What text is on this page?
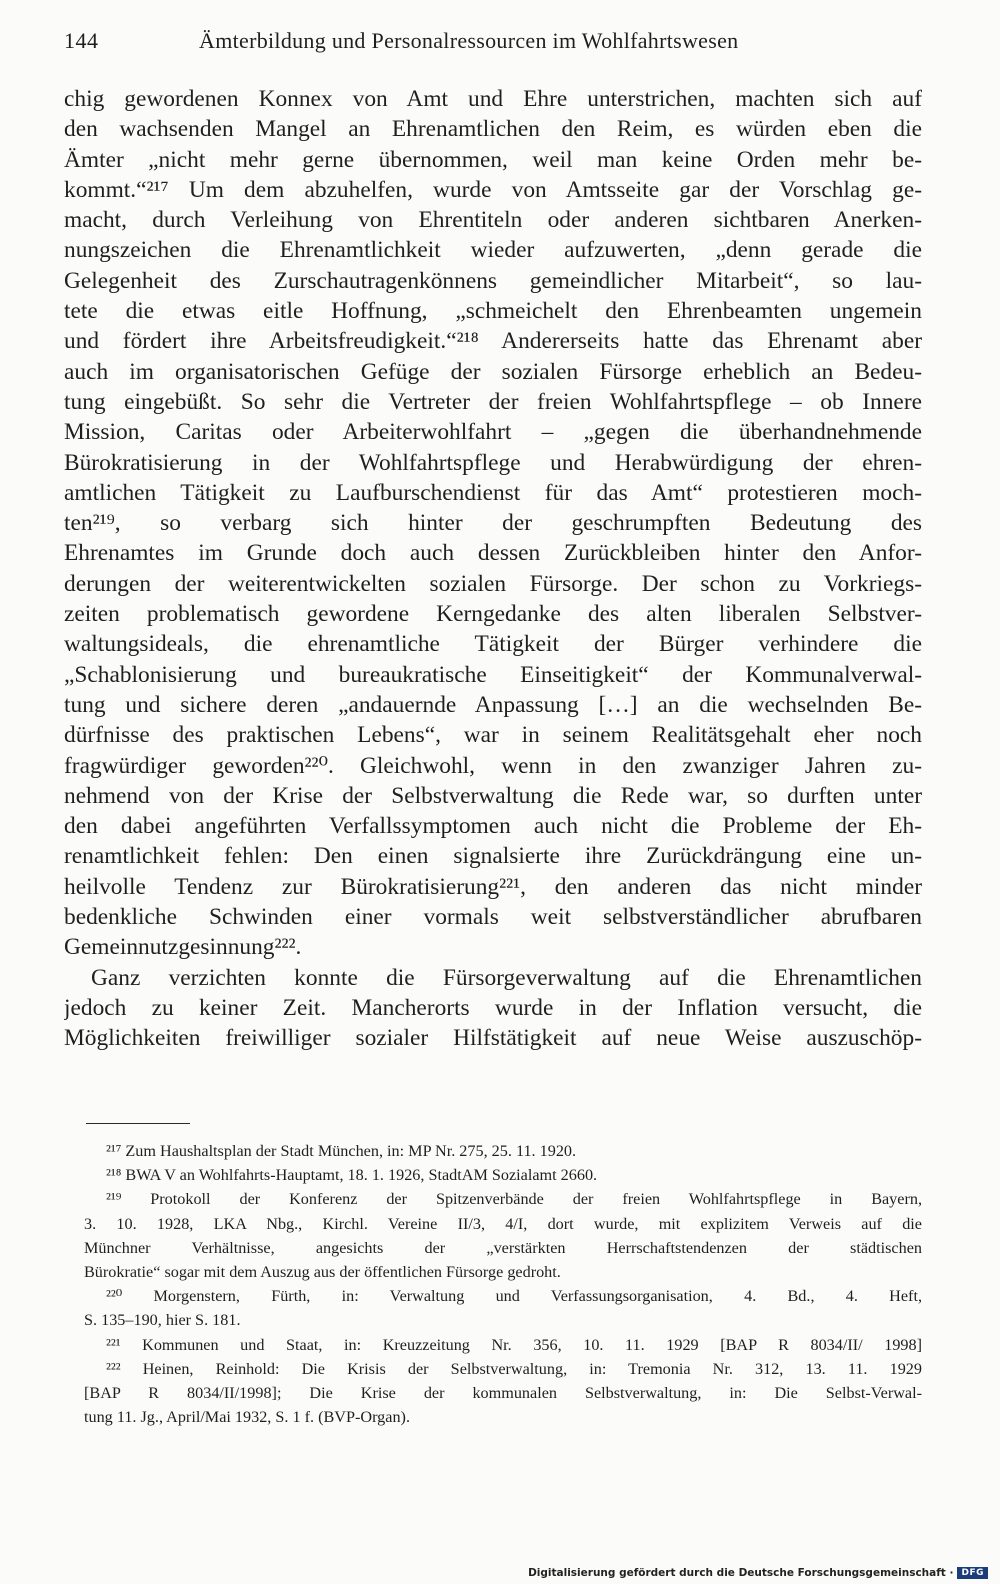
144	Ämterbildung und Personalressourcen im Wohlfahrtswesen
chig gewordenen Konnex von Amt und Ehre unterstrichen, machten sich auf
den wachsenden Mangel an Ehrenamtlichen den Reim, es würden eben die
Ämter „nicht mehr gerne übernommen, weil man keine Orden mehr be-
kommt.“²¹⁷ Um dem abzuhelfen, wurde von Amtsseite gar der Vorschlag ge-
macht, durch Verleihung von Ehrentiteln oder anderen sichtbaren Anerken-
nungszeichen die Ehrenamtlichkeit wieder aufzuwerten, „denn gerade die
Gelegenheit des Zurschautragenkönnens gemeindlicher Mitarbeit“, so lau-
tete die etwas eitle Hoffnung, „schmeichelt den Ehrenbeamten ungemein
und fördert ihre Arbeitsfreudigkeit.“²¹⁸ Andererseits hatte das Ehrenamt aber
auch im organisatorischen Gefüge der sozialen Fürsorge erheblich an Bedeu-
tung eingebüßt. So sehr die Vertreter der freien Wohlfahrtspflege – ob Innere
Mission, Caritas oder Arbeiterwohlfahrt – „gegen die überhandnehmende
Bürokratisierung in der Wohlfahrtspflege und Herabwürdigung der ehren-
amtlichen Tätigkeit zu Laufburschendienst für das Amt“ protestieren moch-
ten²¹⁹, so verbarg sich hinter der geschrumpften Bedeutung des
Ehrenamtes im Grunde doch auch dessen Zurückbleiben hinter den Anfor-
derungen der weiterentwickelten sozialen Fürsorge. Der schon zu Vorkriegs-
zeiten problematisch gewordene Kerngedanke des alten liberalen Selbstver-
waltungsideals, die ehrenamtliche Tätigkeit der Bürger verhindere die
„Schablonisierung und bureaukratische Einseitigkeit“ der Kommunalverwal-
tung und sichere deren „andauernde Anpassung […] an die wechselnden Be-
dürfnisse des praktischen Lebens“, war in seinem Realitätsgehalt eher noch
fragwürdiger geworden²²⁰. Gleichwohl, wenn in den zwanziger Jahren zu-
nehmend von der Krise der Selbstverwaltung die Rede war, so durften unter
den dabei angeführten Verfallssymptomen auch nicht die Probleme der Eh-
renamtlichkeit fehlen: Den einen signalsierte ihre Zurückdrängung eine un-
heilvolle Tendenz zur Bürokratisierung²²¹, den anderen das nicht minder
bedenkliche Schwinden einer vormals weit selbstverständlicher abrufbaren
Gemeinnutzgesinnung²²².
Ganz verzichten konnte die Fürsorgeverwaltung auf die Ehrenamtlichen
jedoch zu keiner Zeit. Mancherorts wurde in der Inflation versucht, die
Möglichkeiten freiwilliger sozialer Hilfstätigkeit auf neue Weise auszuschöp-
²¹⁷ Zum Haushaltsplan der Stadt München, in: MP Nr. 275, 25. 11. 1920.
²¹⁸ BWA V an Wohlfahrts-Hauptamt, 18. 1. 1926, StadtAM Sozialamt 2660.
²¹⁹ Protokoll der Konferenz der Spitzenverbände der freien Wohlfahrtspflege in Bayern,
3. 10. 1928, LKA Nbg., Kirchl. Vereine II/3, 4/I, dort wurde, mit explizitem Verweis auf die
Münchner Verhältnisse, angesichts der „verstärkten Herrschaftstendenzen der städtischen
Bürokratie“ sogar mit dem Auszug aus der öffentlichen Fürsorge gedroht.
²²⁰ Morgenstern, Fürth, in: Verwaltung und Verfassungsorganisation, 4. Bd., 4. Heft,
S. 135–190, hier S. 181.
²²¹ Kommunen und Staat, in: Kreuzzeitung Nr. 356, 10. 11. 1929 [BAP R 8034/II/ 1998]
²²² Heinen, Reinhold: Die Krisis der Selbstverwaltung, in: Tremonia Nr. 312, 13. 11. 1929
[BAP R 8034/II/1998]; Die Krise der kommunalen Selbstverwaltung, in: Die Selbst-Verwal-
tung 11. Jg., April/Mai 1932, S. 1 f. (BVP-Organ).
Digitalisierung gefördert durch die Deutsche Forschungsgemeinschaft · DFG
